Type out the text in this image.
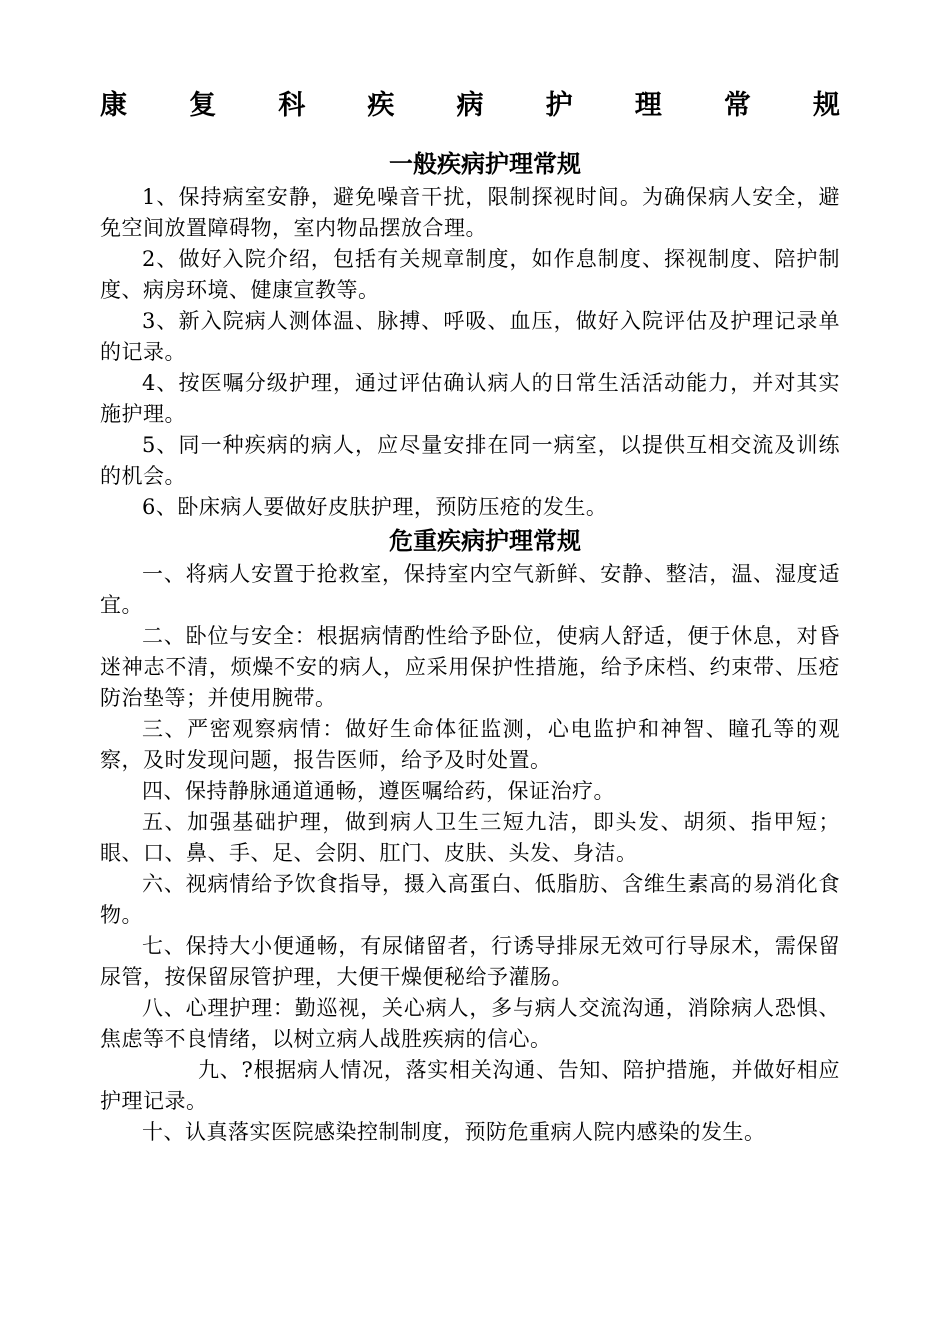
康 复 科 疾 病 护 理 常 规
一般疾病护理常规

1、保持病室安静，避免噪音干扰，限制探视时间。为确保病人安全，避免空间放置障碍物，室内物品摆放合理。

2、做好入院介绍，包括有关规章制度，如作息制度、探视制度、陪护制度、病房环境、健康宣教等。

3、新入院病人测体温、脉搏、呼吸、血压，做好入院评估及护理记录单的记录。

4、按医嘱分级护理，通过评估确认病人的日常生活活动能力，并对其实施护理。

5、同一种疾病的病人，应尽量安排在同一病室，以提供互相交流及训练的机会。

6、卧床病人要做好皮肤护理，预防压疮的发生。

危重疾病护理常规

一、将病人安置于抢救室，保持室内空气新鲜、安静、整洁，温、湿度适宜。

二、卧位与安全：根据病情酌性给予卧位，使病人舒适，便于休息，对昏迷神志不清，烦燥不安的病人，应采用保护性措施，给予床档、约束带、压疮防治垫等；并使用腕带。

三、严密观察病情：做好生命体征监测，心电监护和神智、瞳孔等的观察，及时发现问题，报告医师，给予及时处置。

四、保持静脉通道通畅，遵医嘱给药，保证治疗。

五、加强基础护理，做到病人卫生三短九洁，即头发、胡须、指甲短；眼、口、鼻、手、足、会阴、肛门、皮肤、头发、身洁。

六、视病情给予饮食指导，摄入高蛋白、低脂肪、含维生素高的易消化食物。

七、保持大小便通畅，有尿储留者，行诱导排尿无效可行导尿术，需保留尿管，按保留尿管护理，大便干燥便秘给予灌肠。

八、心理护理：勤巡视，关心病人，多与病人交流沟通，消除病人恐惧、焦虑等不良情绪，以树立病人战胜疾病的信心。

九、?根据病人情况，落实相关沟通、告知、陪护措施，并做好相应护理记录。

十、认真落实医院感染控制制度，预防危重病人院内感染的发生。
